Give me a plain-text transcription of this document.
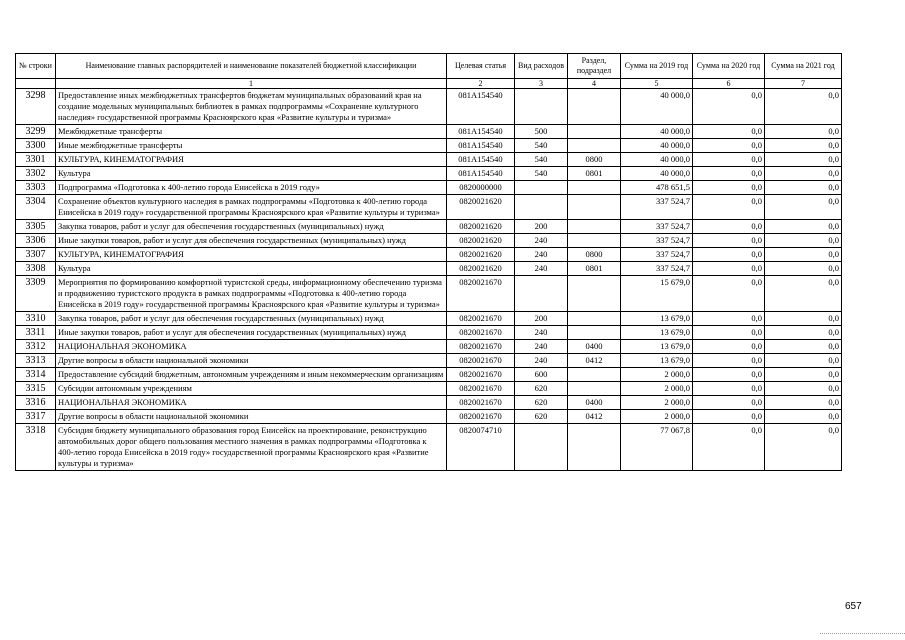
№ строки	Наименование главных распорядителей и наименование показателей бюджетной классификации	Целевая статья	Вид расходов	Раздел, подраздел	Сумма на 2019 год	Сумма на 2020 год	Сумма на 2021 год
	1	2	3	4	5	6	7
3298	Предоставление иных межбюджетных трансфертов бюджетам муниципальных образований края на создание модельных муниципальных библиотек в рамках подпрограммы «Сохранение культурного наследия» государственной программы Красноярского края «Развитие культуры и туризма»	081А154540			40 000,0	0,0	0,0
3299	Межбюджетные трансферты	081А154540	500		40 000,0	0,0	0,0
3300	Иные межбюджетные трансферты	081А154540	540		40 000,0	0,0	0,0
3301	КУЛЬТУРА, КИНЕМАТОГРАФИЯ	081А154540	540	0800	40 000,0	0,0	0,0
3302	Культура	081А154540	540	0801	40 000,0	0,0	0,0
3303	Подпрограмма «Подготовка к 400-летию города Енисейска в 2019 году»	0820000000			478 651,5	0,0	0,0
3304	Сохранение объектов культурного наследия в рамках подпрограммы «Подготовка к 400-летию города Енисейска в 2019 году» государственной программы Красноярского края «Развитие культуры и туризма»	0820021620			337 524,7	0,0	0,0
3305	Закупка товаров, работ и услуг для обеспечения государственных (муниципальных) нужд	0820021620	200		337 524,7	0,0	0,0
3306	Иные закупки товаров, работ и услуг для обеспечения государственных (муниципальных) нужд	0820021620	240		337 524,7	0,0	0,0
3307	КУЛЬТУРА, КИНЕМАТОГРАФИЯ	0820021620	240	0800	337 524,7	0,0	0,0
3308	Культура	0820021620	240	0801	337 524,7	0,0	0,0
3309	Мероприятия по формированию комфортной туристской среды, информационному обеспечению туризма и продвижению туристского продукта в рамках подпрограммы «Подготовка к 400-летию города Енисейска в 2019 году» государственной программы Красноярского края «Развитие культуры и туризма»	0820021670			15 679,0	0,0	0,0
3310	Закупка товаров, работ и услуг для обеспечения государственных (муниципальных) нужд	0820021670	200		13 679,0	0,0	0,0
3311	Иные закупки товаров, работ и услуг для обеспечения государственных (муниципальных) нужд	0820021670	240		13 679,0	0,0	0,0
3312	НАЦИОНАЛЬНАЯ ЭКОНОМИКА	0820021670	240	0400	13 679,0	0,0	0,0
3313	Другие вопросы в области национальной экономики	0820021670	240	0412	13 679,0	0,0	0,0
3314	Предоставление субсидий бюджетным, автономным учреждениям и иным некоммерческим организациям	0820021670	600		2 000,0	0,0	0,0
3315	Субсидии автономным учреждениям	0820021670	620		2 000,0	0,0	0,0
3316	НАЦИОНАЛЬНАЯ ЭКОНОМИКА	0820021670	620	0400	2 000,0	0,0	0,0
3317	Другие вопросы в области национальной экономики	0820021670	620	0412	2 000,0	0,0	0,0
3318	Субсидия бюджету муниципального образования город Енисейск на проектирование, реконструкцию автомобильных дорог общего пользования местного значения в рамках подпрограммы «Подготовка к 400-летию города Енисейска в 2019 году» государственной программы Красноярского края «Развитие культуры и туризма»	0820074710			77 067,8	0,0	0,0
657
